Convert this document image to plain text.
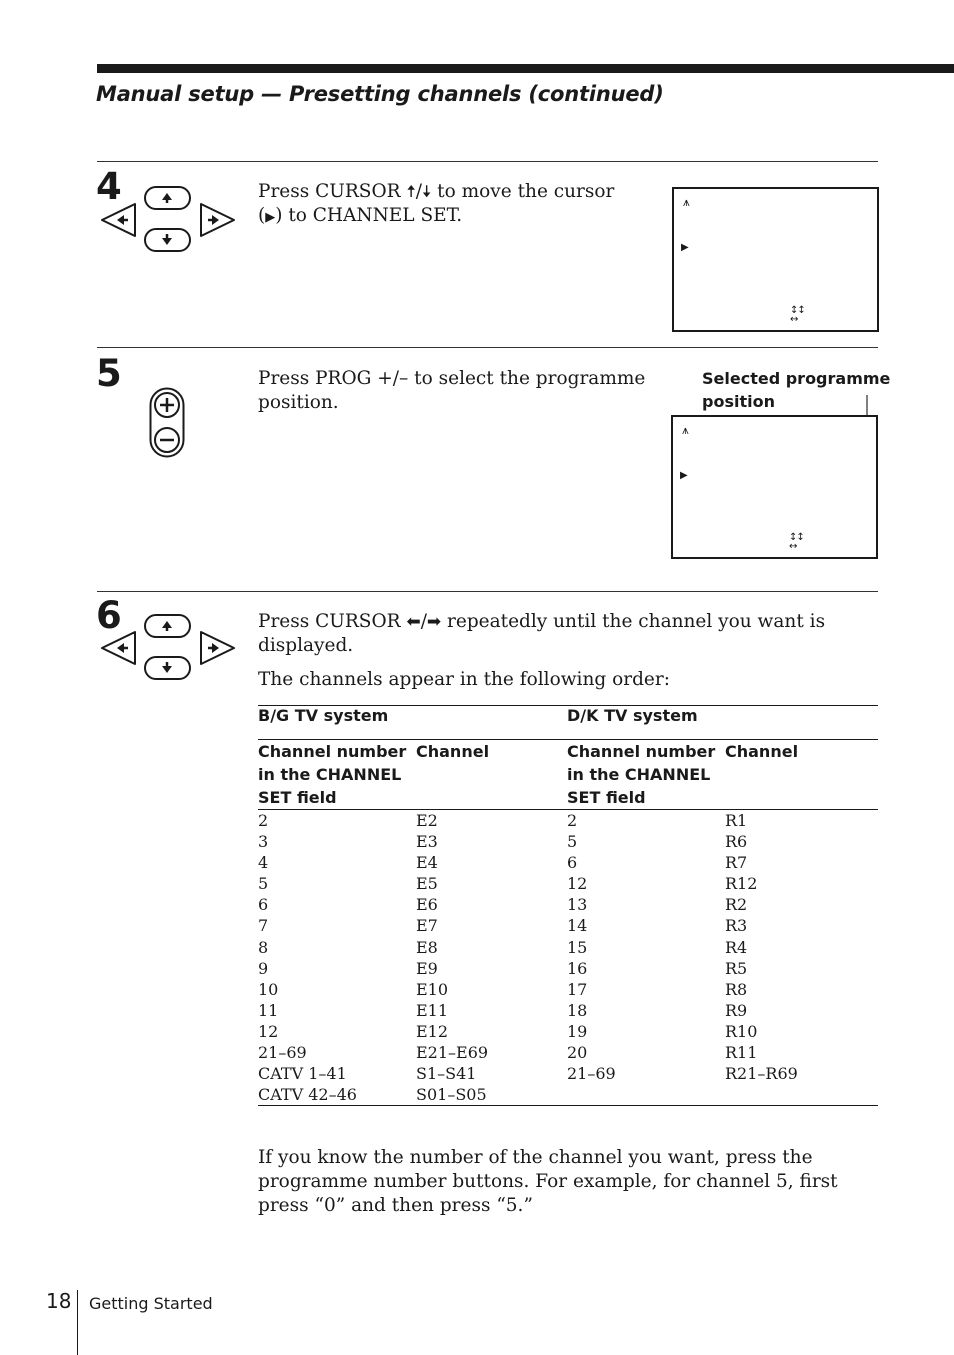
Manual setup — Presetting channels (continued)
4	Press CURSOR 🠅/🠇 to move the cursor (▶) to CHANNEL SET.
⩚
▶
↕↕
↔
5	Press PROG +/– to select the programme position.
Selected programme position
⩚
▶
↕↕
↔
6	Press CURSOR ⬅/➡ repeatedly until the channel you want is displayed.
The channels appear in the following order:
B/G TV system		D/K TV system	
Channel number in the CHANNEL SET field	Channel	Channel number in the CHANNEL SET field	Channel
2	E2	2	R1
3	E3	5	R6
4	E4	6	R7
5	E5	12	R12
6	E6	13	R2
7	E7	14	R3
8	E8	15	R4
9	E9	16	R5
10	E10	17	R8
11	E11	18	R9
12	E12	19	R10
21–69	E21–E69	20	R11
CATV 1–41	S1–S41	21–69	R21–R69
CATV 42–46	S01–S05		
If you know the number of the channel you want, press the programme number buttons. For example, for channel 5, first press “0” and then press “5.”
18 Getting Started
